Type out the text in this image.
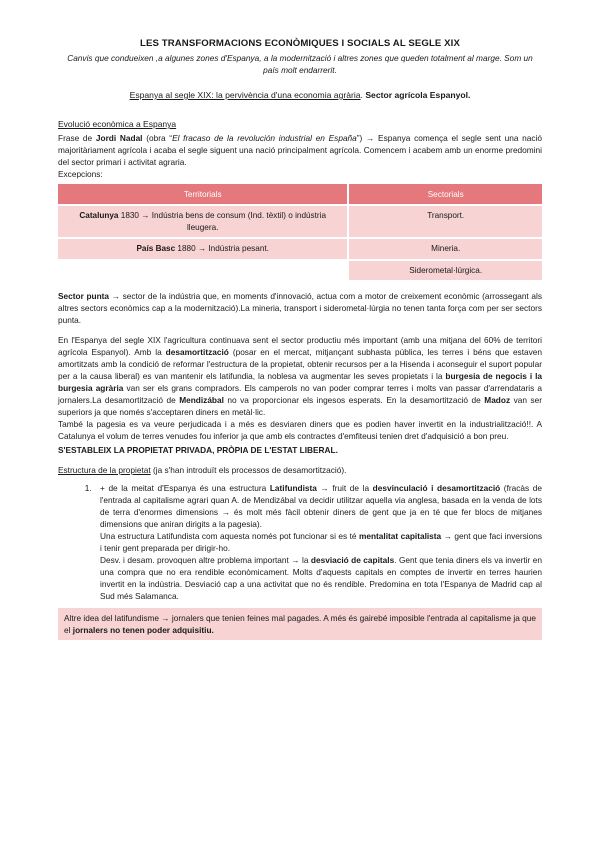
LES TRANSFORMACIONS ECONÒMIQUES I SOCIALS AL SEGLE XIX
Canvis que condueixen ,a algunes zones d'Espanya, a la modernització i altres zones que queden totalment al marge. Som un país molt endarrerit.
Espanya al segle XIX: la pervivència d'una economia agrària. Sector agrícola Espanyol.
Evolució econòmica a Espanya

Frase de Jordi Nadal (obra “El fracaso de la revolución industrial en España”) → Espanya comença el segle sent una nació majoritàriament agrícola i acaba el segle siguent una nació principalment agrícola. Comencem i acabem amb un enorme predomini del sector primari i activitat agraria.

Excepcions:

Territorials	Sectorials
Catalunya 1830 → Indústria bens de consum (Ind. tèxtil) o indústria lleugera.	Transport.
País Basc 1880 → Indústria pesant.	Mineria.
	Siderometal·lúrgica.

Sector punta → sector de la indústria que, en moments d'innovació, actua com a motor de creixement econòmic (arrossegant als altres sectors econòmics cap a la modernització).La mineria, transport i siderometal·lúrgia no tenen tanta força com per ser sectors punta.

En l'Espanya del segle XIX l'agricultura continuava sent el sector productiu més important (amb una mitjana del 60% de territori agrícola Espanyol). Amb la desamortització (posar en el mercat, mitjançant subhasta pública, les terres i béns que estaven amortitzats amb la condició de reformar l'estructura de la propietat, obtenir recursos per a la Hisenda i aconseguir el suport popular per a la causa liberal) es van mantenir els latifundia, la noblesa va augmentar les seves propietats i la burgesia de negocis i la burgesia agrària van ser els grans compradors. Els camperols no van poder comprar terres i molts van passar d'arrendataris a jornalers.La desamortització de Mendizábal no va proporcionar els ingesos esperats. En la desamortització de Madoz van ser superiors ja que només s'acceptaren diners en metàl·lic.

També la pagesia es va veure perjudicada i a més es desviaren diners que es podien haver invertit en la industrialització!!. A Catalunya el volum de terres venudes fou inferior ja que amb els contractes d'emfiteusi tenien dret d'adquisició a bon preu.

S'ESTABLEIX LA PROPIETAT PRIVADA, PRÒPIA DE L'ESTAT LIBERAL.

Estructura de la propietat (ja s'han introduït els processos de desamortització).

1. + de la meitat d'Espanya és una estructura Latifundista → fruit de la desvinculació i desamortització (fracàs de l'entrada al capitalisme agrari quan A. de Mendizábal va decidir utilitzar aquella via anglesa, basada en la venda de lots de terra d'enormes dimensions → és molt més fàcil obtenir diners de gent que ja en té que fer blocs de mitjanes dimensions que aniran dirigits a la pagesia).
Una estructura Latifundista com aquesta només pot funcionar si es té mentalitat capitalista → gent que faci inversions i tenir gent preparada per dirigir-ho.
Desv. i desam. provoquen altre problema important → la desviació de capitals. Gent que tenia diners els va invertir en una compra que no era rendible econòmicament. Molts d'aquests capitals en comptes de invertir en terres haurien invertit en la indústria. Desviació cap a una activitat que no és rendible. Predomina en tota l'Espanya de Madrid cap al Sud més Salamanca.
Altre idea del latifundisme → jornalers que tenien feines mal pagades. A més és gairebé imposible l'entrada al capitalisme ja que el jornalers no tenen poder adquisitiu.
